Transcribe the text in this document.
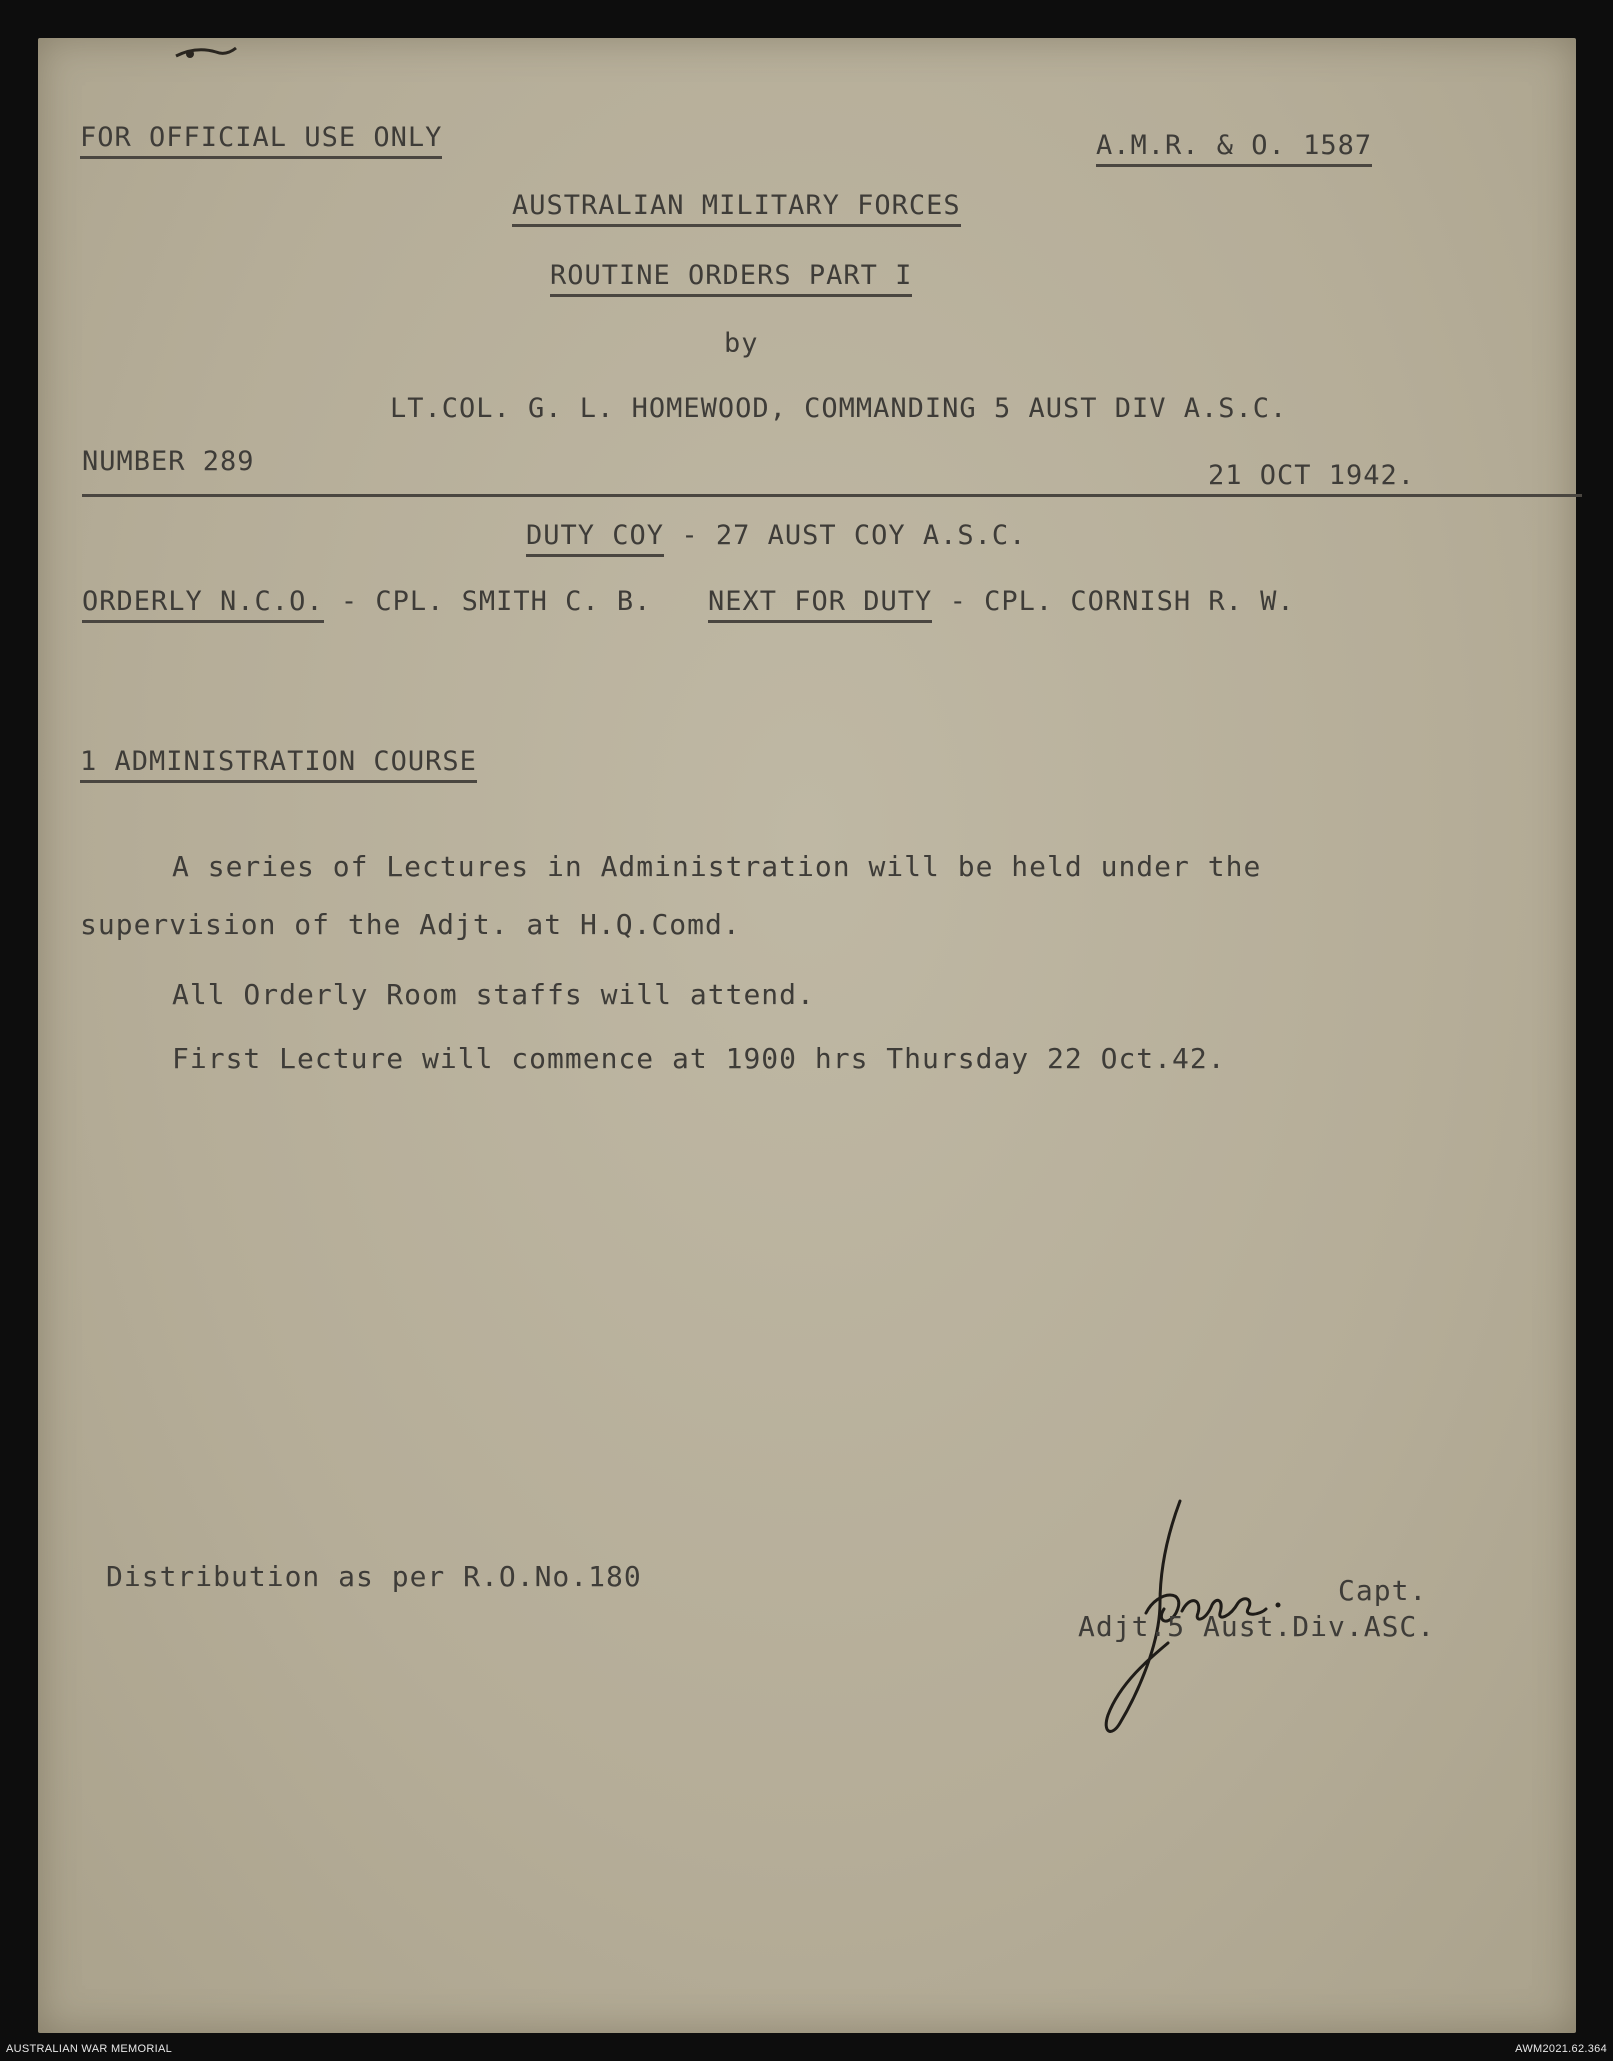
FOR OFFICIAL USE ONLY	A.M.R. & O. 1587

AUSTRALIAN MILITARY FORCES

ROUTINE ORDERS PART I

by

LT.COL. G. L. HOMEWOOD, COMMANDING 5 AUST DIV A.S.C.

NUMBER 289	21 OCT 1942.

DUTY COY - 27 AUST COY A.S.C.

ORDERLY N.C.O. - CPL. SMITH C. B. NEXT FOR DUTY - CPL. CORNISH R. W.

1 ADMINISTRATION COURSE

A series of Lectures in Administration will be held under the

supervision of the Adjt. at H.Q.Comd.

All Orderly Room staffs will attend.

First Lecture will commence at 1900 hrs Thursday 22 Oct.42.

Distribution as per R.O.No.180	Capt.

Adjt.5 Aust.Div.ASC.

AUSTRALIAN WAR MEMORIAL	AWM2021.62.364
